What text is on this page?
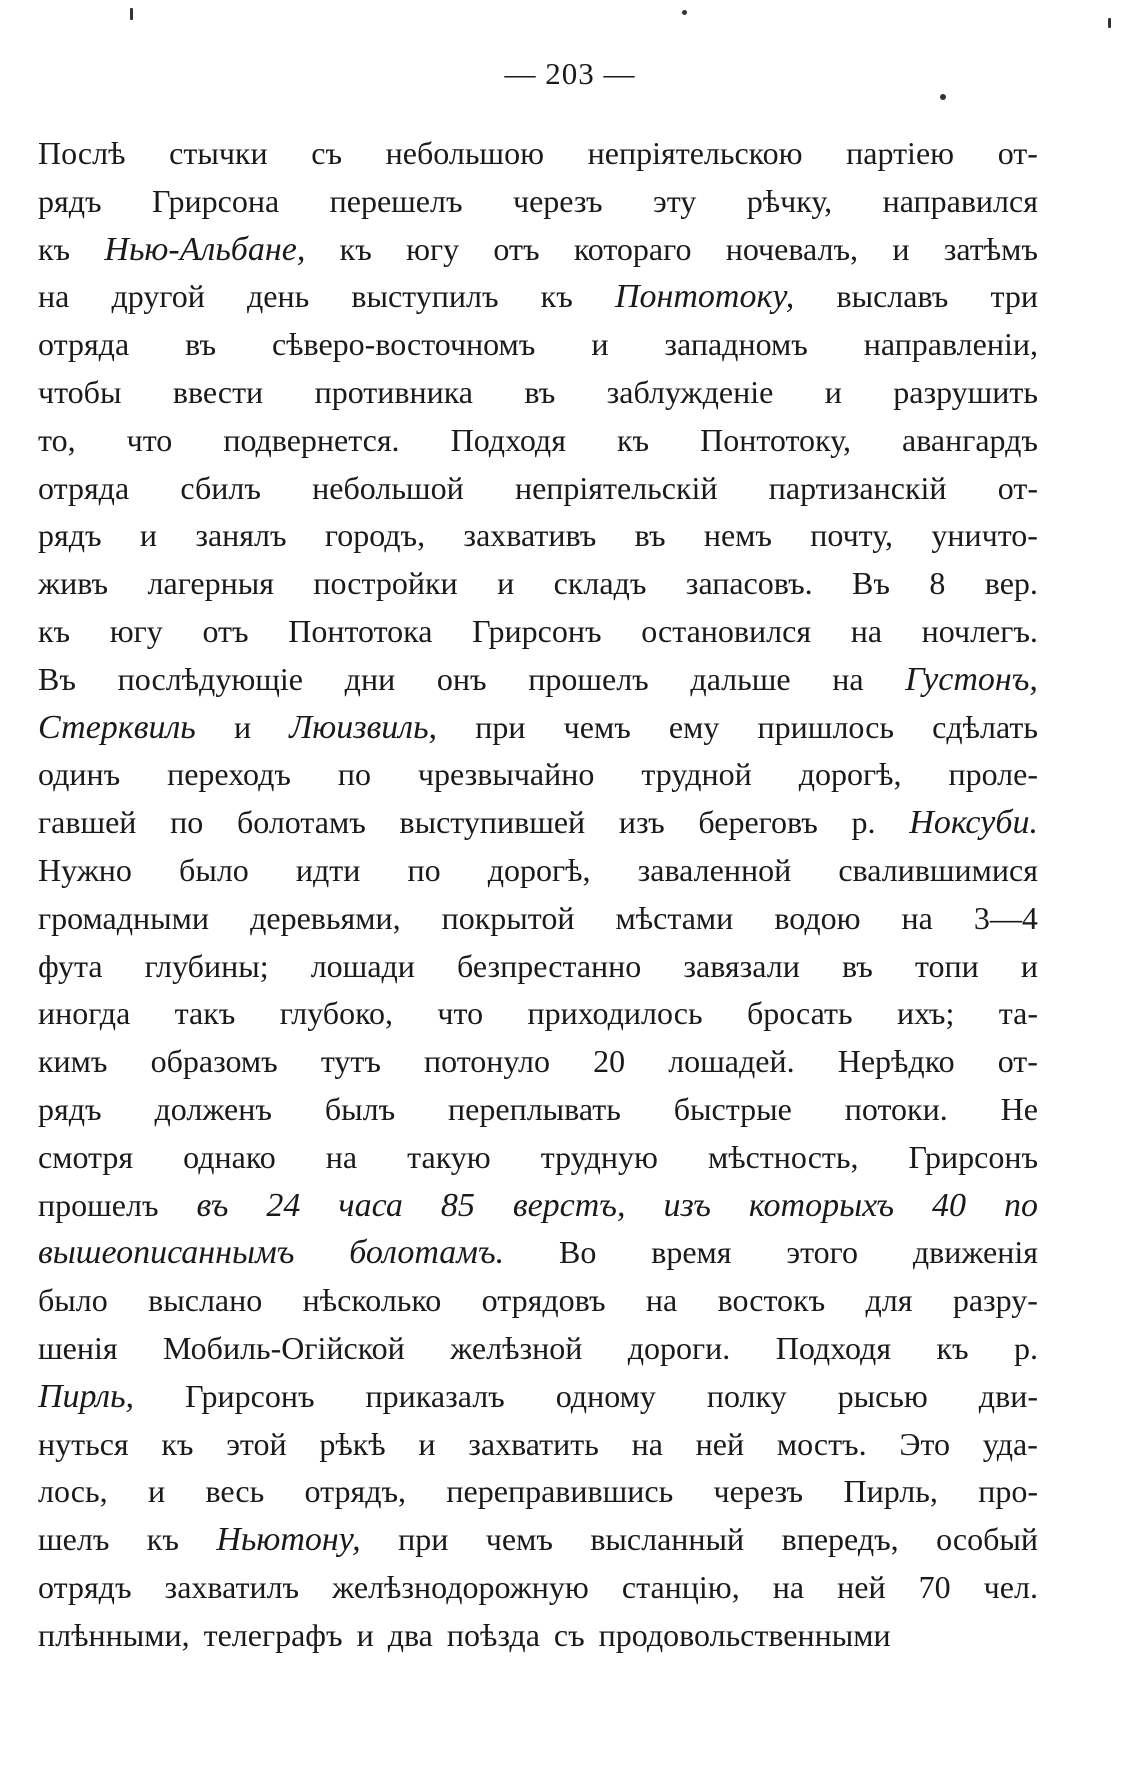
— 203 —
Послѣ стычки съ небольшою непріятельскою партіею от-
рядъ Грирсона перешелъ черезъ эту рѣчку, направился
къ Нью-Альбане, къ югу отъ котораго ночевалъ, и затѣмъ
на другой день выступилъ къ Понтотоку, выславъ три
отряда въ сѣверо-восточномъ и западномъ направленіи,
чтобы ввести противника въ заблужденіе и разрушить
то, что подвернется. Подходя къ Понтотоку, авангардъ
отряда сбилъ небольшой непріятельскій партизанскій от-
рядъ и занялъ городъ, захвативъ въ немъ почту, уничто-
живъ лагерныя постройки и складъ запасовъ. Въ 8 вер.
къ югу отъ Понтотока Грирсонъ остановился на ночлегъ.
Въ послѣдующіе дни онъ прошелъ дальше на Густонъ,
Стерквиль и Люизвиль, при чемъ ему пришлось сдѣлать
одинъ переходъ по чрезвычайно трудной дорогѣ, проле-
гавшей по болотамъ выступившей изъ береговъ р. Ноксуби.
Нужно было идти по дорогѣ, заваленной свалившимися
громадными деревьями, покрытой мѣстами водою на 3—4
фута глубины; лошади безпрестанно завязали въ топи и
иногда такъ глубоко, что приходилось бросать ихъ; та-
кимъ образомъ тутъ потонуло 20 лошадей. Нерѣдко от-
рядъ долженъ былъ переплывать быстрые потоки. Не
смотря однако на такую трудную мѣстность, Грирсонъ
прошелъ въ 24 часа 85 верстъ, изъ которыхъ 40 по
вышеописаннымъ болотамъ. Во время этого движенія
было выслано нѣсколько отрядовъ на востокъ для разру-
шенія Мобиль-Огійской желѣзной дороги. Подходя къ р.
Пирль, Грирсонъ приказалъ одному полку рысью дви-
нуться къ этой рѣкѣ и захватить на ней мостъ. Это уда-
лось, и весь отрядъ, переправившись черезъ Пирль, про-
шелъ къ Ньютону, при чемъ высланный впередъ, особый
отрядъ захватилъ желѣзнодорожную станцію, на ней 70 чел.
плѣнными, телеграфъ и два поѣзда съ продовольственными
